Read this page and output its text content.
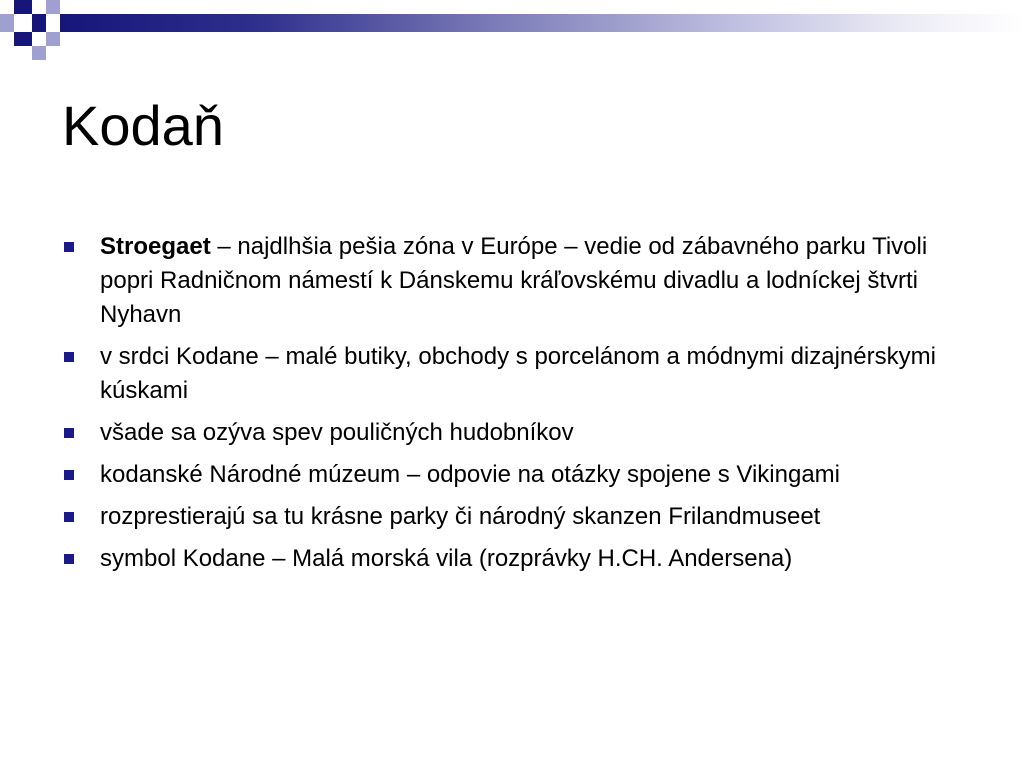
Kodaň
Stroegaet – najdlhšia pešia zóna v Európe – vedie od zábavného parku Tivoli popri Radničnom námestí k Dánskemu kráľovskému divadlu a lodníckej štvrti Nyhavn
v srdci Kodane – malé butiky, obchody s porcelánom a módnymi dizajnérskymi kúskami
všade sa ozýva spev pouličných hudobníkov
kodanské Národné múzeum – odpovie na otázky spojene s Vikingami
rozprestierajú sa tu krásne parky či národný skanzen Frilandmuseet
symbol Kodane – Malá morská vila (rozprávky H.CH. Andersena)
